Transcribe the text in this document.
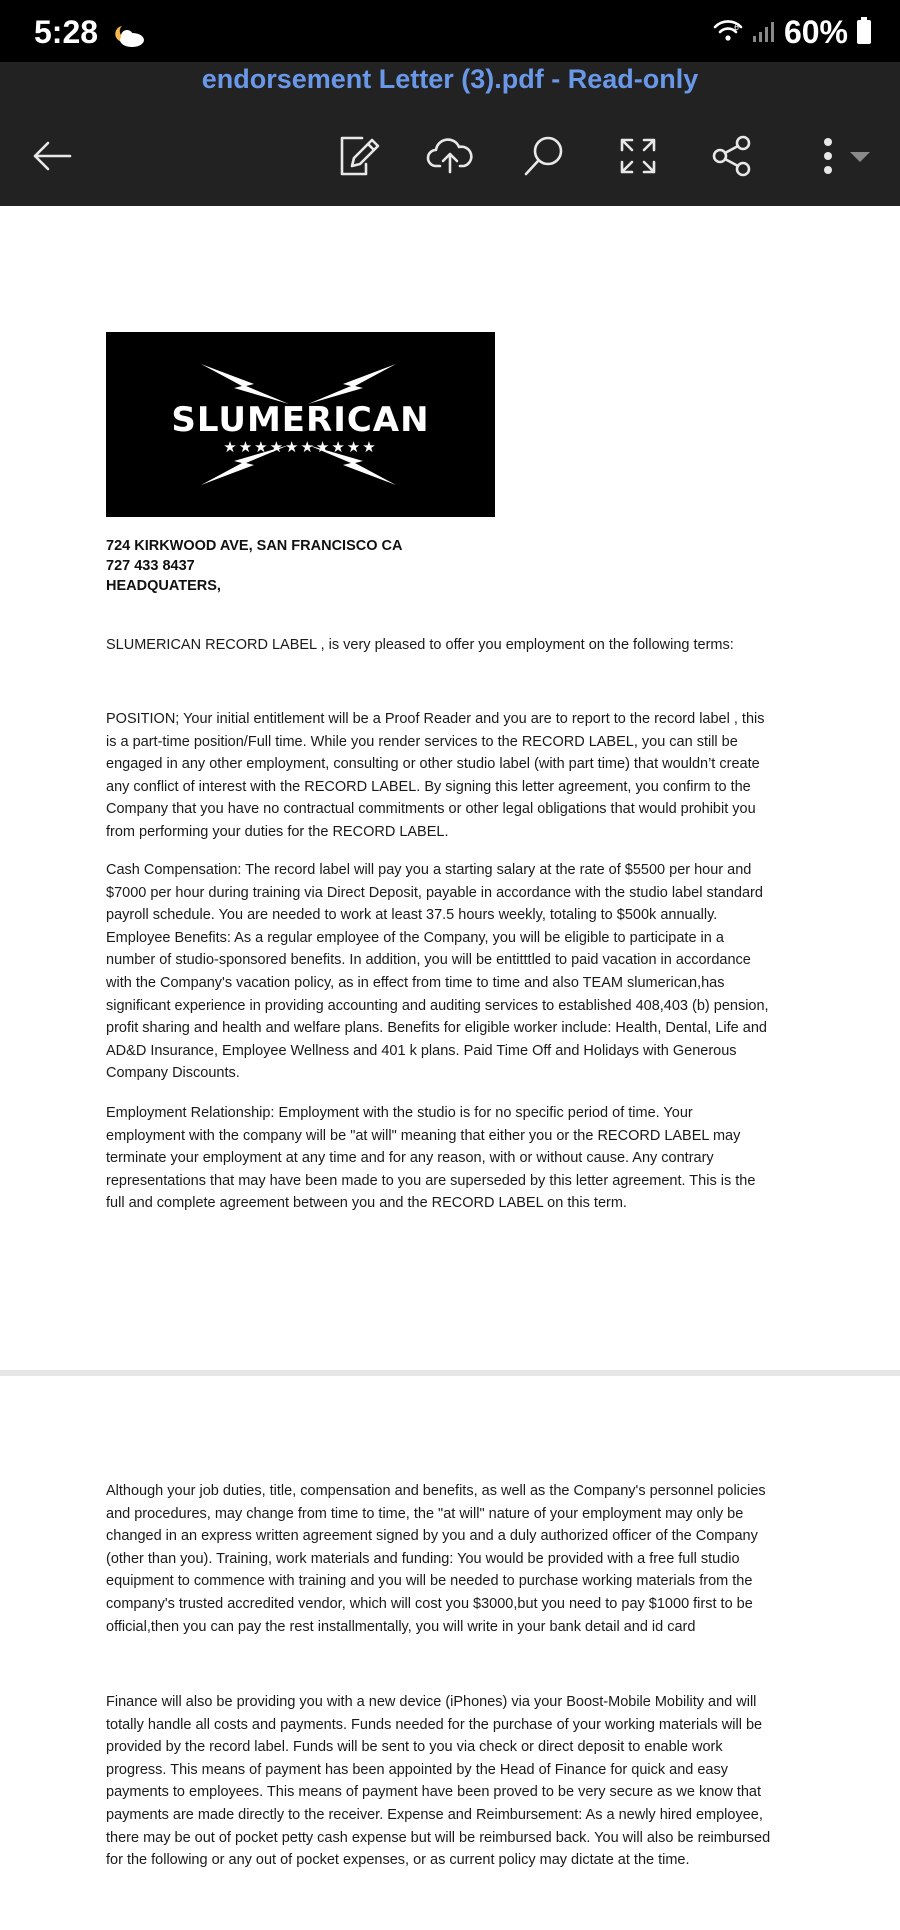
5:28	6 60%
endorsement Letter (3).pdf - Read-only
SLUMERICAN
★★★★★★★★★★
724 KIRKWOOD AVE, SAN FRANCISCO CA
727 433 8437
HEADQUATERS,
SLUMERICAN RECORD LABEL , is very pleased to offer you employment on the following terms:
POSITION; Your initial entitlement will be a Proof Reader and you are to report to the record label , this
is a part-time position/Full time. While you render services to the RECORD LABEL, you can still be
engaged in any other employment, consulting or other studio label (with part time) that wouldn’t create
any conflict of interest with the RECORD LABEL. By signing this letter agreement, you confirm to the
Company that you have no contractual commitments or other legal obligations that would prohibit you
from performing your duties for the RECORD LABEL.
Cash Compensation: The record label will pay you a starting salary at the rate of $5500 per hour and
$7000 per hour during training via Direct Deposit, payable in accordance with the studio label standard
payroll schedule. You are needed to work at least 37.5 hours weekly, totaling to $500k annually.
Employee Benefits: As a regular employee of the Company, you will be eligible to participate in a
number of studio-sponsored benefits. In addition, you will be entitttled to paid vacation in accordance
with the Company's vacation policy, as in effect from time to time and also TEAM slumerican,has
significant experience in providing accounting and auditing services to established 408,403 (b) pension,
profit sharing and health and welfare plans. Benefits for eligible worker include: Health, Dental, Life and
AD&D Insurance, Employee Wellness and 401 k plans. Paid Time Off and Holidays with Generous
Company Discounts.
Employment Relationship: Employment with the studio is for no specific period of time. Your
employment with the company will be "at will" meaning that either you or the RECORD LABEL may
terminate your employment at any time and for any reason, with or without cause. Any contrary
representations that may have been made to you are superseded by this letter agreement. This is the
full and complete agreement between you and the RECORD LABEL on this term.
Although your job duties, title, compensation and benefits, as well as the Company's personnel policies
and procedures, may change from time to time, the "at will" nature of your employment may only be
changed in an express written agreement signed by you and a duly authorized officer of the Company
(other than you). Training, work materials and funding: You would be provided with a free full studio
equipment to commence with training and you will be needed to purchase working materials from the
company's trusted accredited vendor, which will cost you $3000,but you need to pay $1000 first to be
official,then you can pay the rest installmentally, you will write in your bank detail and id card
Finance will also be providing you with a new device (iPhones) via your Boost-Mobile Mobility and will
totally handle all costs and payments. Funds needed for the purchase of your working materials will be
provided by the record label. Funds will be sent to you via check or direct deposit to enable work
progress. This means of payment has been appointed by the Head of Finance for quick and easy
payments to employees. This means of payment have been proved to be very secure as we know that
payments are made directly to the receiver. Expense and Reimbursement: As a newly hired employee,
there may be out of pocket petty cash expense but will be reimbursed back. You will also be reimbursed
for the following or any out of pocket expenses, or as current policy may dictate at the time.
